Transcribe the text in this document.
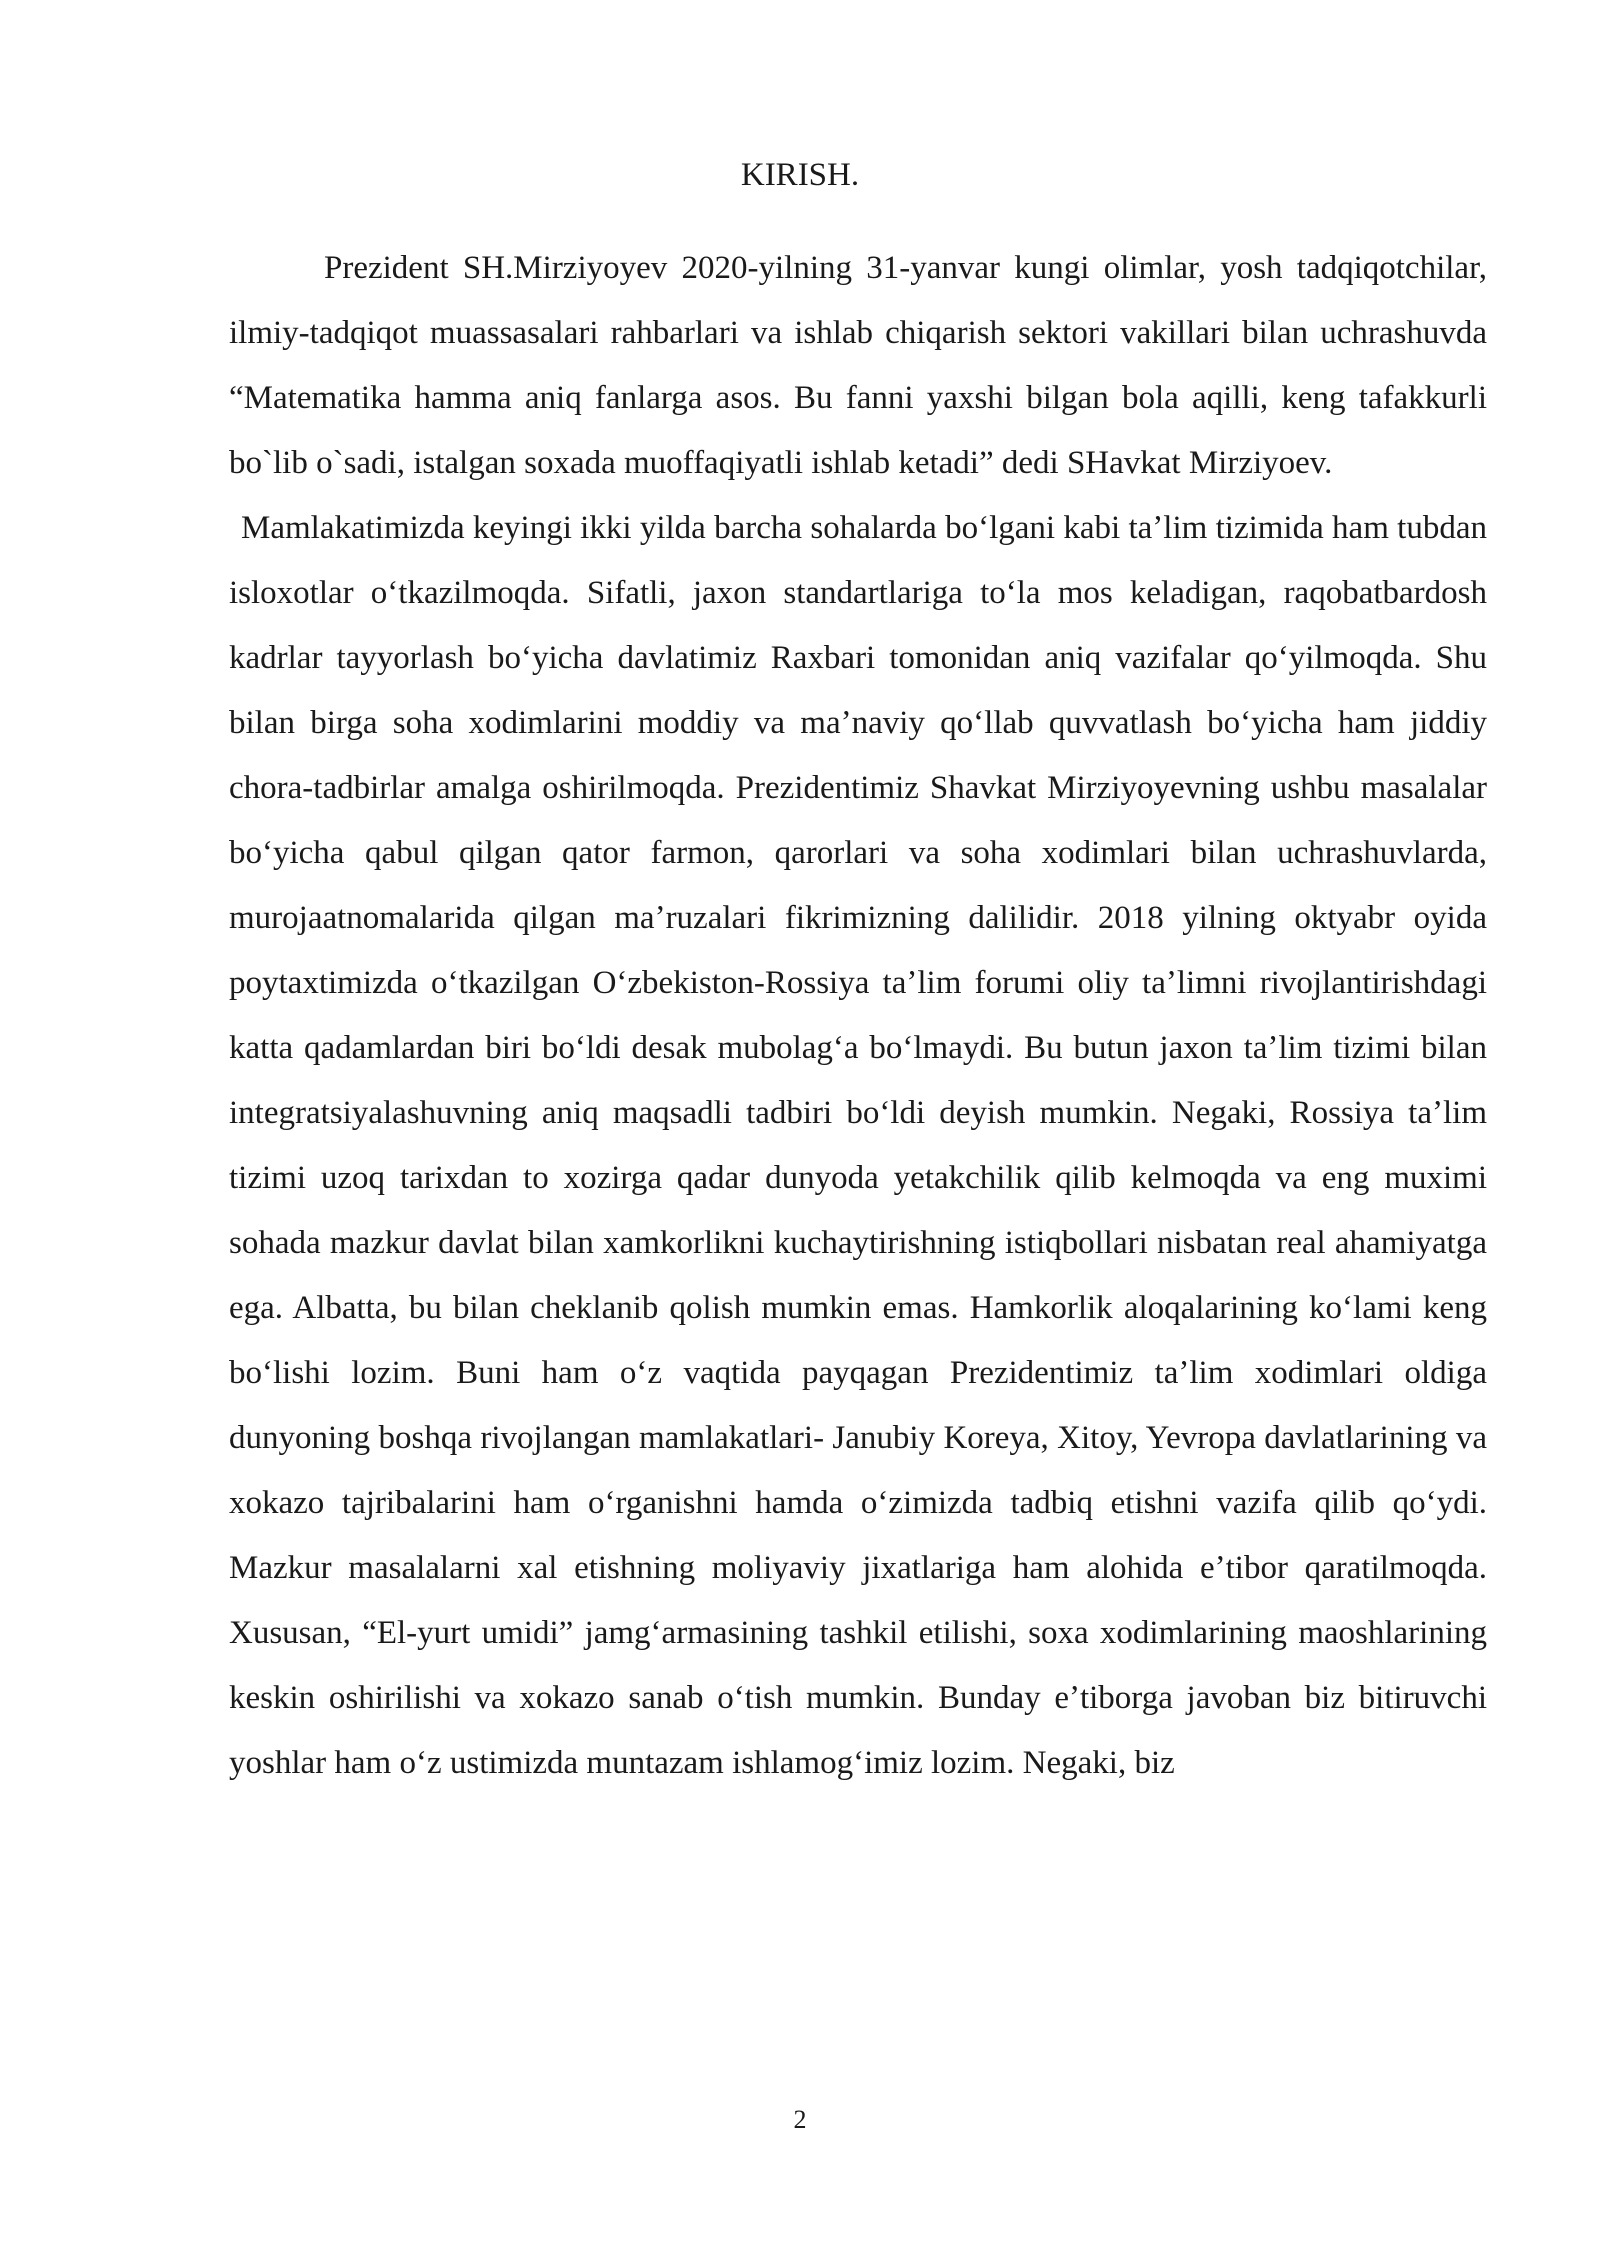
KIRISH.

Prezident SH.Mirziyoyev 2020-yilning 31-yanvar kungi olimlar, yosh tadqiqotchilar, ilmiy-tadqiqot muassasalari rahbarlari va ishlab chiqarish sektori vakillari bilan uchrashuvda “Matematika hamma aniq fanlarga asos. Bu fanni yaxshi bilgan bola aqilli, keng tafakkurli bo`lib o`sadi, istalgan soxada muoffaqiyatli ishlab ketadi” dedi SHavkat Mirziyoev.

Mamlakatimizda keyingi ikki yilda barcha sohalarda boʻlgani kabi taʼlim tizimida ham tubdan isloxotlar oʻtkazilmoqda. Sifatli, jaxon standartlariga toʻla mos keladigan, raqobatbardosh kadrlar tayyorlash boʻyicha davlatimiz Raxbari tomonidan aniq vazifalar qoʻyilmoqda. Shu bilan birga soha xodimlarini moddiy va maʼnaviy qoʻllab quvvatlash boʻyicha ham jiddiy chora-tadbirlar amalga oshirilmoqda. Prezidentimiz Shavkat Mirziyoyevning ushbu masalalar boʻyicha qabul qilgan qator farmon, qarorlari va soha xodimlari bilan uchrashuvlarda, murojaatnomalarida qilgan maʼruzalari fikrimizning dalilidir. 2018 yilning oktyabr oyida poytaxtimizda oʻtkazilgan Oʻzbekiston-Rossiya taʼlim forumi oliy taʼlimni rivojlantirishdagi katta qadamlardan biri boʻldi desak mubolagʻa boʻlmaydi. Bu butun jaxon taʼlim tizimi bilan integratsiyalashuvning aniq maqsadli tadbiri boʻldi deyish mumkin. Negaki, Rossiya taʼlim tizimi uzoq tarixdan to xozirga qadar dunyoda yetakchilik qilib kelmoqda va eng muximi sohada mazkur davlat bilan xamkorlikni kuchaytirishning istiqbollari nisbatan real ahamiyatga ega. Albatta, bu bilan cheklanib qolish mumkin emas. Hamkorlik aloqalarining koʻlami keng boʻlishi lozim. Buni ham oʻz vaqtida payqagan Prezidentimiz taʼlim xodimlari oldiga dunyoning boshqa rivojlangan mamlakatlari- Janubiy Koreya, Xitoy, Yevropa davlatlarining va xokazo tajribalarini ham oʻrganishni hamda oʻzimizda tadbiq etishni vazifa qilib qoʻydi. Mazkur masalalarni xal etishning moliyaviy jixatlariga ham alohida eʼtibor qaratilmoqda. Xususan, “El-yurt umidi” jamgʻarmasining tashkil etilishi, soxa xodimlarining maoshlarining keskin oshirilishi va xokazo sanab oʻtish mumkin. Bunday eʼtiborga javoban biz bitiruvchi yoshlar ham oʻz ustimizda muntazam ishlamogʻimiz lozim. Negaki, biz

2
